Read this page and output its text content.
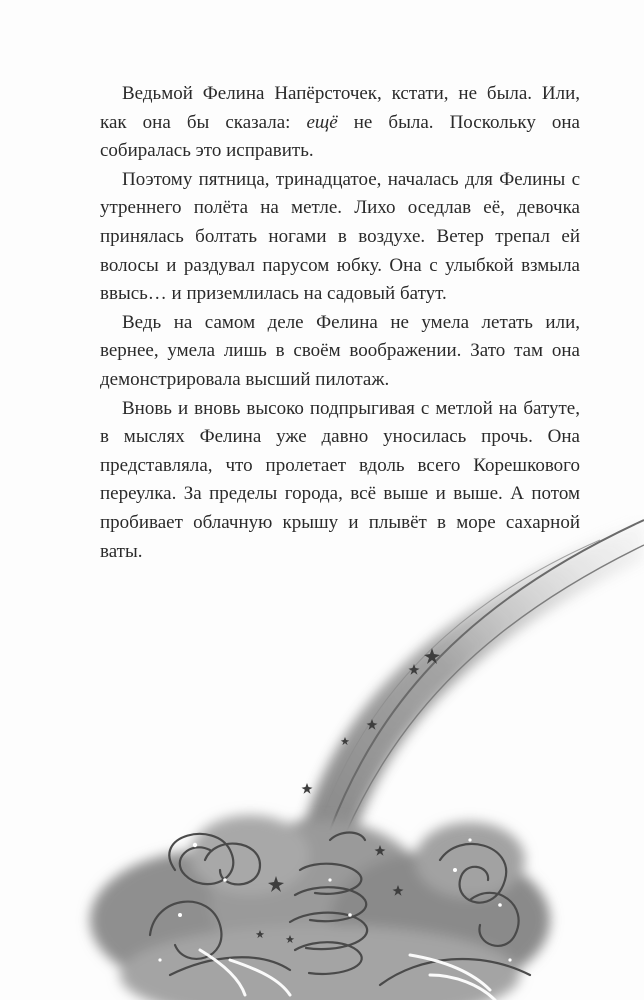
Ведьмой Фелина Напёрсточек, кстати, не была. Или, как она бы сказала: ещё не была. Поскольку она собиралась это исправить.

Поэтому пятница, тринадцатое, началась для Фелины с утреннего полёта на метле. Лихо оседлав её, девочка принялась болтать ногами в воздухе. Ветер трепал ей волосы и раздувал парусом юбку. Она с улыбкой взмыла ввысь… и приземлилась на садовый батут.

Ведь на самом деле Фелина не умела летать или, вернее, умела лишь в своём воображении. Зато там она демонстрировала высший пилотаж.

Вновь и вновь высоко подпрыгивая с метлой на батуте, в мыслях Фелина уже давно уносилась прочь. Она представляла, что пролетает вдоль всего Корешкового переулка. За пределы города, всё выше и выше. А потом пробивает облачную крышу и плывёт в море сахарной ваты.
